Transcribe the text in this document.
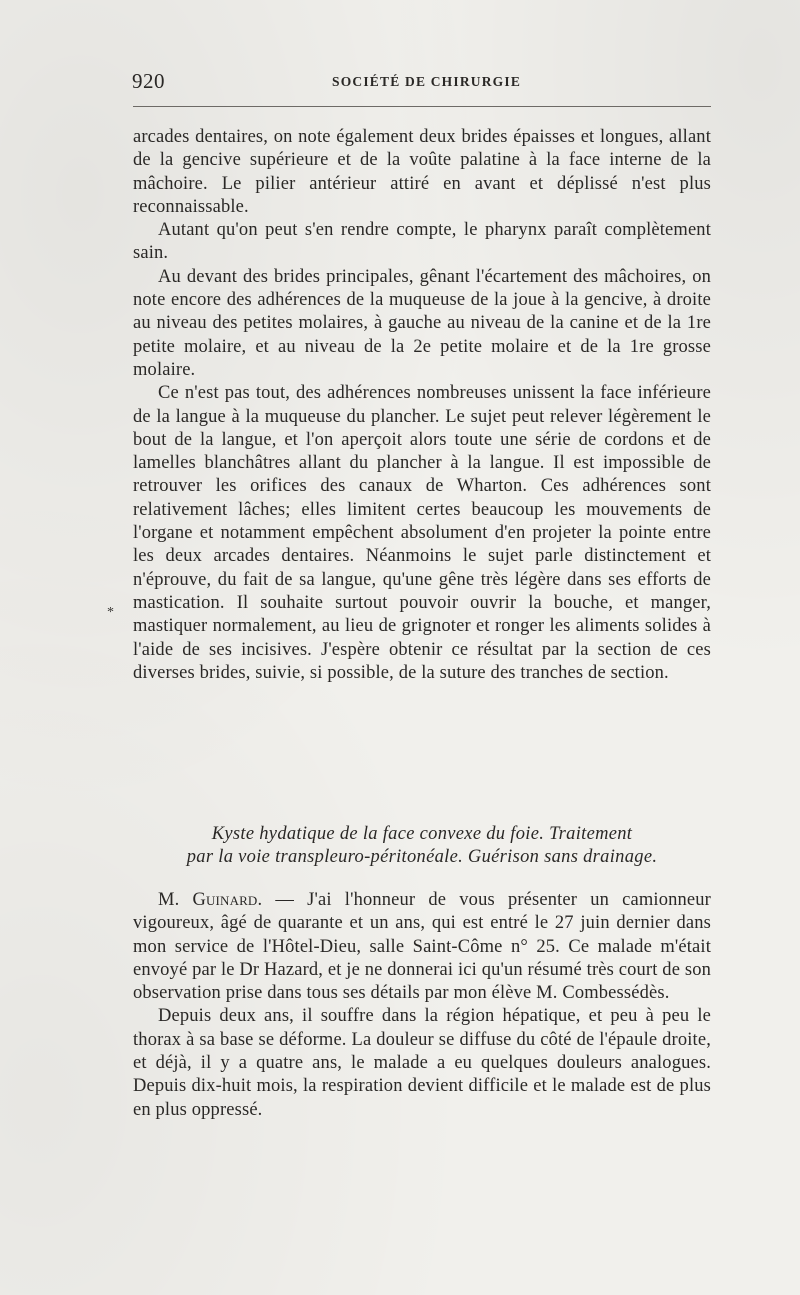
920	SOCIÉTÉ DE CHIRURGIE

arcades dentaires, on note également deux brides épaisses et longues, allant de la gencive supérieure et de la voûte palatine à la face interne de la mâchoire. Le pilier antérieur attiré en avant et déplissé n'est plus reconnaissable.

Autant qu'on peut s'en rendre compte, le pharynx paraît complètement sain.

Au devant des brides principales, gênant l'écartement des mâchoires, on note encore des adhérences de la muqueuse de la joue à la gencive, à droite au niveau des petites molaires, à gauche au niveau de la canine et de la 1re petite molaire, et au niveau de la 2e petite molaire et de la 1re grosse molaire.

Ce n'est pas tout, des adhérences nombreuses unissent la face inférieure de la langue à la muqueuse du plancher. Le sujet peut relever légèrement le bout de la langue, et l'on aperçoit alors toute une série de cordons et de lamelles blanchâtres allant du plancher à la langue. Il est impossible de retrouver les orifices des canaux de Wharton. Ces adhérences sont relativement lâches; elles limitent certes beaucoup les mouvements de l'organe et notamment empêchent absolument d'en projeter la pointe entre les deux arcades dentaires. Néanmoins le sujet parle distinctement et n'éprouve, du fait de sa langue, qu'une gêne très légère dans ses efforts de mastication. Il souhaite surtout pouvoir ouvrir la bouche, et manger, mastiquer normalement, au lieu de grignoter et ronger les aliments solides à l'aide de ses incisives. J'espère obtenir ce résultat par la section de ces diverses brides, suivie, si possible, de la suture des tranches de section.

*
Kyste hydatique de la face convexe du foie. Traitement
par la voie transpleuro-péritonéale. Guérison sans drainage.

M. Guinard. — J'ai l'honneur de vous présenter un camionneur vigoureux, âgé de quarante et un ans, qui est entré le 27 juin dernier dans mon service de l'Hôtel-Dieu, salle Saint-Côme n° 25. Ce malade m'était envoyé par le Dr Hazard, et je ne donnerai ici qu'un résumé très court de son observation prise dans tous ses détails par mon élève M. Combessédès.

Depuis deux ans, il souffre dans la région hépatique, et peu à peu le thorax à sa base se déforme. La douleur se diffuse du côté de l'épaule droite, et déjà, il y a quatre ans, le malade a eu quelques douleurs analogues. Depuis dix-huit mois, la respiration devient difficile et le malade est de plus en plus oppressé.
